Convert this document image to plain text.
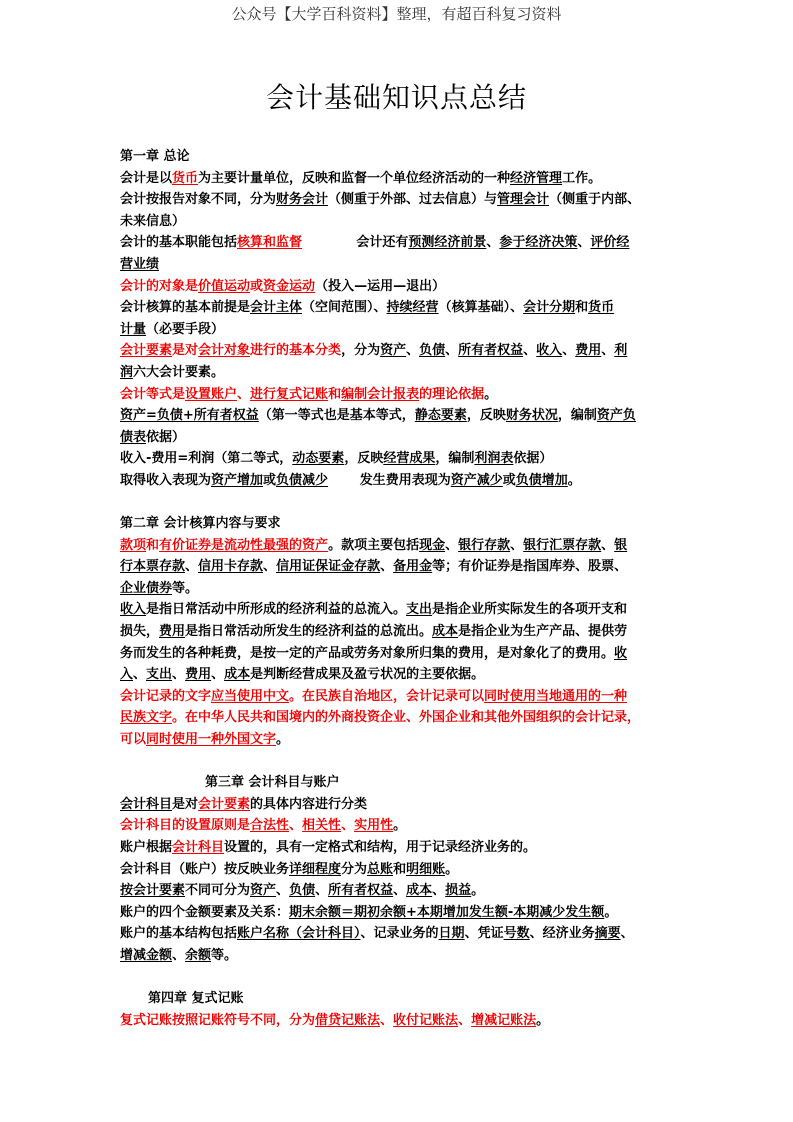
公众号【大学百科资料】整理，有超百科复习资料
会计基础知识点总结
第一章 总论
会计是以货币为主要计量单位，反映和监督一个单位经济活动的一种经济管理工作。
会计按报告对象不同，分为财务会计（侧重于外部、过去信息）与管理会计（侧重于内部、
未来信息）
会计的基本职能包括核算和监督            会计还有预测经济前景、参于经济决策、评价经
营业绩
会计的对象是价值运动或资金运动（投入—运用—退出）
会计核算的基本前提是会计主体（空间范围）、持续经营（核算基础）、会计分期和货币
计量（必要手段）
会计要素是对会计对象进行的基本分类，分为资产、负债、所有者权益、收入、费用、利
润六大会计要素。
会计等式是设置账户、进行复式记账和编制会计报表的理论依据。
资产=负债+所有者权益（第一等式也是基本等式，静态要素，反映财务状况，编制资产负
债表依据）
收入-费用=利润（第二等式，动态要素，反映经营成果，编制利润表依据）
取得收入表现为资产增加或负债减少       发生费用表现为资产减少或负债增加。
第二章 会计核算内容与要求
款项和有价证券是流动性最强的资产。款项主要包括现金、银行存款、银行汇票存款、银
行本票存款、信用卡存款、信用证保证金存款、备用金等；有价证券是指国库券、股票、
企业债券等。
收入是指日常活动中所形成的经济利益的总流入。支出是指企业所实际发生的各项开支和
损失，费用是指日常活动所发生的经济利益的总流出。成本是指企业为生产产品、提供劳
务而发生的各种耗费，是按一定的产品或劳务对象所归集的费用，是对象化了的费用。收
入、支出、费用、成本是判断经营成果及盈亏状况的主要依据。
会计记录的文字应当使用中文。在民族自治地区，会计记录可以同时使用当地通用的一种
民族文字。在中华人民共和国境内的外商投资企业、外国企业和其他外国组织的会计记录，
可以同时使用一种外国文字。
第三章 会计科目与账户
会计科目是对会计要素的具体内容进行分类
会计科目的设置原则是合法性、相关性、实用性。
账户根据会计科目设置的，具有一定格式和结构，用于记录经济业务的。
会计科目（账户）按反映业务详细程度分为总账和明细账。
按会计要素不同可分为资产、负债、所有者权益、成本、损益。
账户的四个金额要素及关系：期末余额＝期初余额+本期增加发生额-本期减少发生额。
账户的基本结构包括账户名称（会计科目）、记录业务的日期、凭证号数、经济业务摘要、
增减金额、余额等。
第四章 复式记账
复式记账按照记账符号不同，分为借贷记账法、收付记账法、增减记账法。
